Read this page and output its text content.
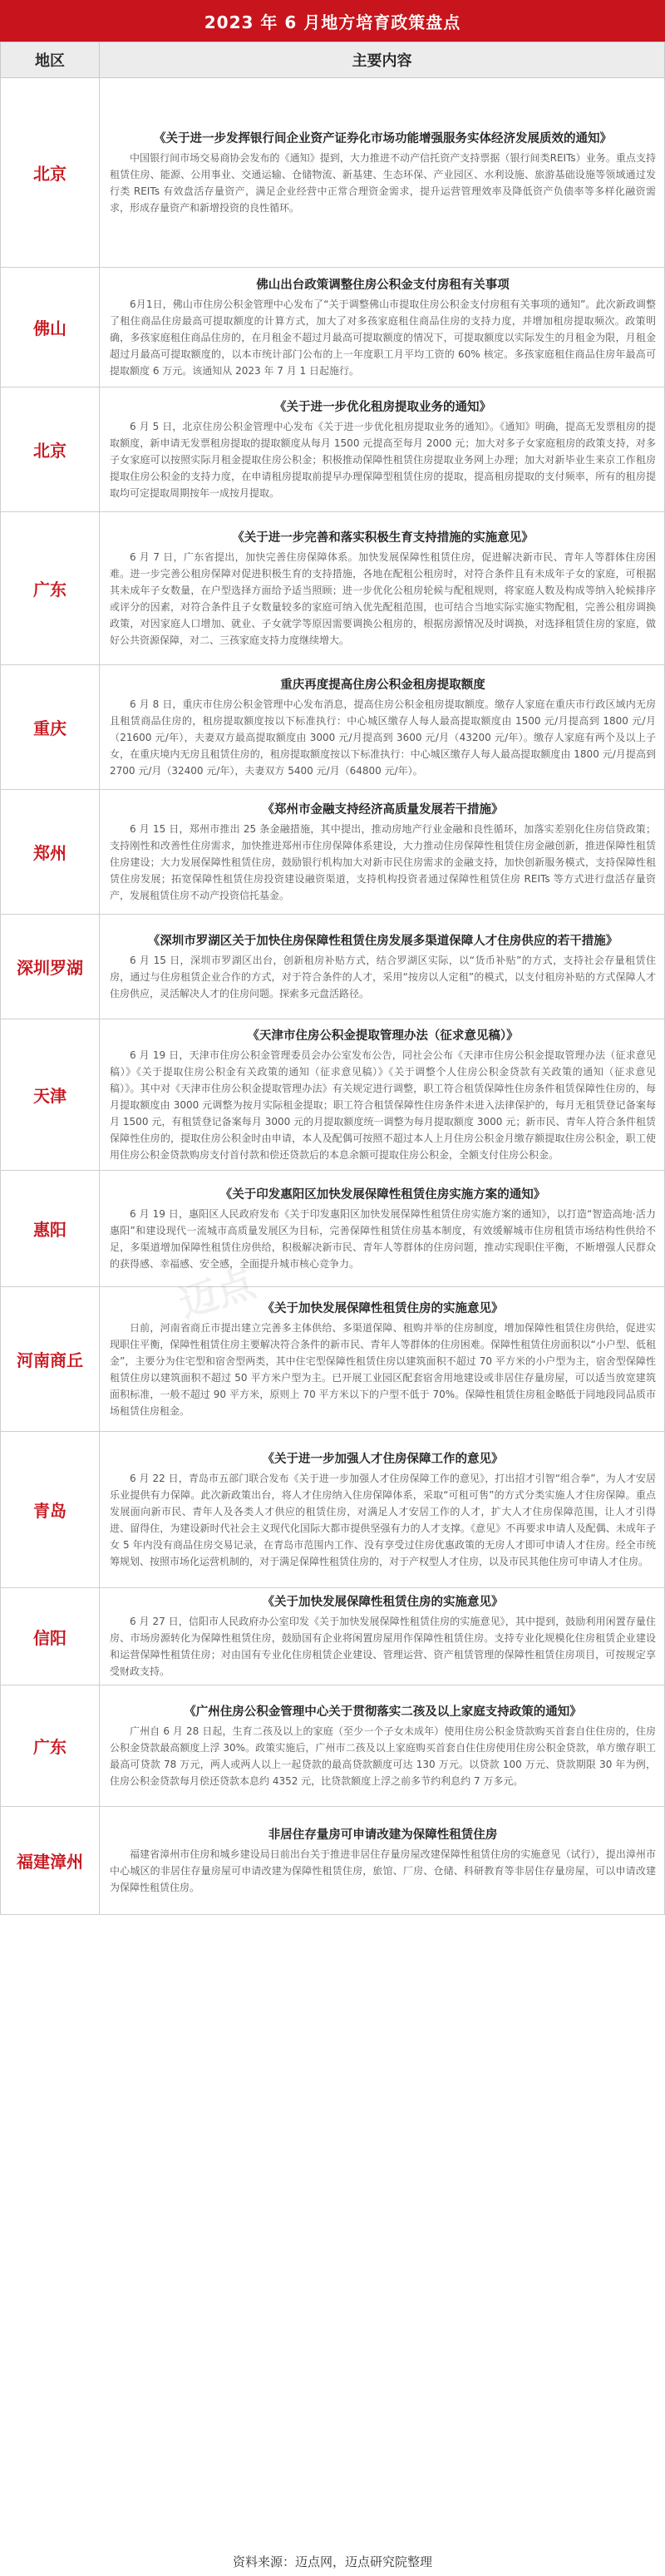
2023 年 6 月地方培育政策盘点
地区	主要内容
北京	《关于进一步发挥银行间企业资产证券化市场功能增强服务实体经济发展质效的通知》
中国银行间市场交易商协会发布的《通知》提到，大力推进不动产信托资产支持票据（银行间类REITs）业务。重点支持租赁住房、能源、公用事业、交通运输、仓储物流、新基建、生态环保、产业园区、水利设施、旅游基础设施等领域通过发行类 REITs 有效盘活存量资产，满足企业经营中正常合理资金需求，提升运营管理效率及降低资产负债率等多样化融资需求，形成存量资产和新增投资的良性循环。

佛山	佛山出台政策调整住房公积金支付房租有关事项
6月1日，佛山市住房公积金管理中心发布了“关于调整佛山市提取住房公积金支付房租有关事项的通知”。此次新政调整了租住商品住房最高可提取额度的计算方式，加大了对多孩家庭租住商品住房的支持力度，并增加租房提取频次。政策明确，多孩家庭租住商品住房的，在月租金不超过月最高可提取额度的情况下，可提取额度以实际发生的月租金为限，月租金超过月最高可提取额度的，以本市统计部门公布的上一年度职工月平均工资的 60% 核定。多孩家庭租住商品住房年最高可提取额度 6 万元。该通知从 2023 年 7 月 1 日起施行。

北京	《关于进一步优化租房提取业务的通知》
6 月 5 日，北京住房公积金管理中心发布《关于进一步优化租房提取业务的通知》。《通知》明确，提高无发票租房的提取额度，新申请无发票租房提取的提取额度从每月 1500 元提高至每月 2000 元；加大对多子女家庭租房的政策支持，对多子女家庭可以按照实际月租金提取住房公积金；积极推动保障性租赁住房提取业务网上办理；加大对新毕业生来京工作租房提取住房公积金的支持力度，在申请租房提取前提早办理保障型租赁住房的提取，提高租房提取的支付频率，所有的租房提取均可定提取周期按年一成按月提取。

广东	《关于进一步完善和落实积极生育支持措施的实施意见》
6 月 7 日，广东省提出，加快完善住房保障体系。加快发展保障性租赁住房，促进解决新市民、青年人等群体住房困难。进一步完善公租房保障对促进积极生育的支持措施，各地在配租公租房时，对符合条件且有未成年子女的家庭，可根据其未成年子女数量，在户型选择方面给予适当照顾；进一步优化公租房轮候与配租规则，将家庭人数及构成等纳入轮候排序或评分的因素，对符合条件且子女数量较多的家庭可纳入优先配租范围，也可结合当地实际实施实物配租，完善公租房调换政策，对因家庭人口增加、就业、子女就学等原因需要调换公租房的，根据房源情况及时调换，对选择租赁住房的家庭，做好公共资源保障，对二、三孩家庭支持力度继续增大。

重庆	重庆再度提高住房公积金租房提取额度
6 月 8 日，重庆市住房公积金管理中心发布消息，提高住房公积金租房提取额度。缴存人家庭在重庆市行政区域内无房且租赁商品住房的，租房提取额度按以下标准执行：中心城区缴存人每人最高提取额度由 1500 元/月提高到 1800 元/月（21600 元/年），夫妻双方最高提取额度由 3000 元/月提高到 3600 元/月（43200 元/年）。缴存人家庭有两个及以上子女，在重庆境内无房且租赁住房的，租房提取额度按以下标准执行：中心城区缴存人每人最高提取额度由 1800 元/月提高到 2700 元/月（32400 元/年），夫妻双方 5400 元/月（64800 元/年）。

郑州	《郑州市金融支持经济高质量发展若干措施》
6 月 15 日，郑州市推出 25 条金融措施，其中提出，推动房地产行业金融和良性循环，加落实差别化住房信贷政策；支持刚性和改善性住房需求，加快推进郑州市住房保障体系建设，大力推动住房保障性租赁住房金融创新，推进保障性租赁住房建设；大力发展保障性租赁住房，鼓励银行机构加大对新市民住房需求的金融支持，加快创新服务模式，支持保障性租赁住房发展；拓宽保障性租赁住房投资建设融资渠道，支持机构投资者通过保障性租赁住房 REITs 等方式进行盘活存量资产，发展租赁住房不动产投资信托基金。

深圳罗湖	《深圳市罗湖区关于加快住房保障性租赁住房发展多渠道保障人才住房供应的若干措施》
6 月 15 日，深圳市罗湖区出台，创新租房补贴方式，结合罗湖区实际，以“货币补贴”的方式，支持社会存量租赁住房，通过与住房租赁企业合作的方式，对于符合条件的人才，采用“按房以人定租”的模式，以支付租房补贴的方式保障人才住房供应，灵活解决人才的住房问题。探索多元盘活路径。

天津	《天津市住房公积金提取管理办法（征求意见稿）》
6 月 19 日，天津市住房公积金管理委员会办公室发布公告，同社会公布《天津市住房公积金提取管理办法（征求意见稿）》《关于提取住房公积金有关政策的通知（征求意见稿）》《关于调整个人住房公积金贷款有关政策的通知（征求意见稿）》。其中对《天津市住房公积金提取管理办法》有关规定进行调整，职工符合租赁保障性住房条件租赁保障性住房的，每月提取额度由 3000 元调整为按月实际租金提取；职工符合租赁保障性住房条件未进入法律保护的，每月无租赁登记备案每月 1500 元，有租赁登记备案每月 3000 元的月提取额度统一调整为每月提取额度 3000 元；新市民、青年人符合条件租赁保障性住房的，提取住房公积金时由申请，本人及配偶可按照不超过本人上月住房公积金月缴存额提取住房公积金，职工使用住房公积金贷款购房支付首付款和偿还贷款后的本息余额可提取住房公积金，全额支付住房公积金。

惠阳	《关于印发惠阳区加快发展保障性租赁住房实施方案的通知》
6 月 19 日，惠阳区人民政府发布《关于印发惠阳区加快发展保障性租赁住房实施方案的通知》，以打造“智造高地·活力惠阳”和建设现代一流城市高质量发展区为目标，完善保障性租赁住房基本制度，有效缓解城市住房租赁市场结构性供给不足，多渠道增加保障性租赁住房供给，积极解决新市民、青年人等群体的住房问题，推动实现职住平衡，不断增强人民群众的获得感、幸福感、安全感，全面提升城市核心竞争力。

河南商丘	《关于加快发展保障性租赁住房的实施意见》
日前，河南省商丘市提出建立完善多主体供给、多渠道保障、租购并举的住房制度，增加保障性租赁住房供给，促进实现职住平衡，保障性租赁住房主要解决符合条件的新市民、青年人等群体的住房困难。保障性租赁住房面积以“小户型、低租金”，主要分为住宅型和宿舍型两类，其中住宅型保障性租赁住房以建筑面积不超过 70 平方米的小户型为主，宿舍型保障性租赁住房以建筑面积不超过 50 平方米户型为主。已开展工业园区配套宿舍用地建设或非居住存量房屋，可以适当放宽建筑面积标准，一般不超过 90 平方米，原则上 70 平方米以下的户型不低于 70%。保障性租赁住房租金略低于同地段同品质市场租赁住房租金。

青岛	《关于进一步加强人才住房保障工作的意见》
6 月 22 日，青岛市五部门联合发布《关于进一步加强人才住房保障工作的意见》，打出招才引智“组合拳”，为人才安居乐业提供有力保障。此次新政策出台，将人才住房纳入住房保障体系，采取“可租可售”的方式分类实施人才住房保障。重点发展面向新市民、青年人及各类人才供应的租赁住房，对满足人才安居工作的人才，扩大人才住房保障范围，让人才引得进、留得住，为建设新时代社会主义现代化国际大都市提供坚强有力的人才支撑。《意见》不再要求申请人及配偶、未成年子女 5 年内没有商品住房交易记录，在青岛市范围内工作、没有享受过住房优惠政策的无房人才即可申请人才住房。经全市统筹规划、按照市场化运营机制的，对于满足保障性租赁住房的，对于产权型人才住房，以及市民其他住房可申请人才住房。

信阳	《关于加快发展保障性租赁住房的实施意见》
6 月 27 日，信阳市人民政府办公室印发《关于加快发展保障性租赁住房的实施意见》，其中提到，鼓励利用闲置存量住房、市场房源转化为保障性租赁住房，鼓励国有企业将闲置房屋用作保障性租赁住房。支持专业化规模化住房租赁企业建设和运营保障性租赁住房；对由国有专业化住房租赁企业建设、管理运营、资产租赁管理的保障性租赁住房项目，可按规定享受财政支持。

广东	《广州住房公积金管理中心关于贯彻落实二孩及以上家庭支持政策的通知》
广州自 6 月 28 日起，生育二孩及以上的家庭（至少一个子女未成年）使用住房公积金贷款购买首套自住住房的，住房公积金贷款最高额度上浮 30%。政策实施后，广州市二孩及以上家庭购买首套自住住房使用住房公积金贷款，单方缴存职工最高可贷款 78 万元，两人或两人以上一起贷款的最高贷款额度可达 130 万元。以贷款 100 万元、贷款期限 30 年为例，住房公积金贷款每月偿还贷款本息约 4352 元，比贷款额度上浮之前多节约利息约 7 万多元。

福建漳州	非居住存量房可申请改建为保障性租赁住房
福建省漳州市住房和城乡建设局日前出台关于推进非居住存量房屋改建保障性租赁住房的实施意见（试行），提出漳州市中心城区的非居住存量房屋可申请改建为保障性租赁住房，旅馆、厂房、仓储、科研教育等非居住存量房屋，可以申请改建为保障性租赁住房。
迈点
资料来源：迈点网，迈点研究院整理
